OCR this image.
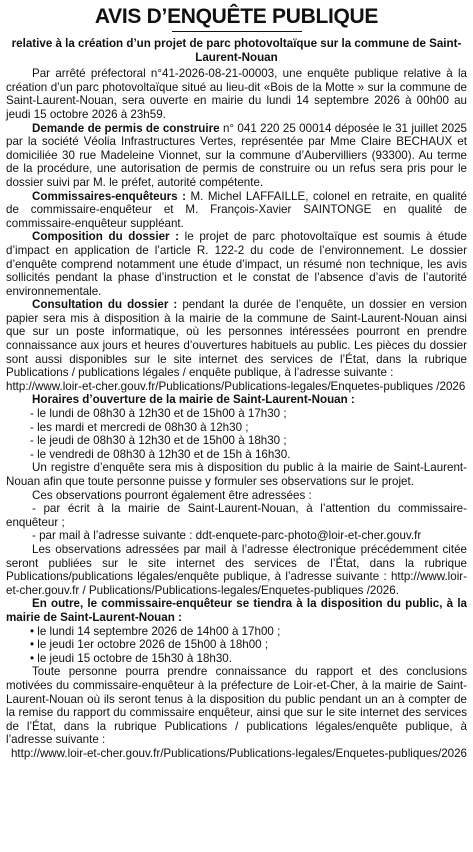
AVIS D’ENQUÊTE PUBLIQUE

relative à la création d’un projet de parc photovoltaïque sur la commune de Saint-Laurent-Nouan

Par arrêté préfectoral n°41-2026-08-21-00003, une enquête publique relative à la création d’un parc photovoltaïque situé au lieu-dit «Bois de la Motte » sur la commune de Saint-Laurent-Nouan, sera ouverte en mairie du lundi 14 septembre 2026 à 00h00 au jeudi 15 octobre 2026 à 23h59.

Demande de permis de construire n° 041 220 25 00014 déposée le 31 juillet 2025 par la société Véolia Infrastructures Vertes, représentée par Mme Claire BECHAUX et domiciliée 30 rue Madeleine Vionnet, sur la commune d’Aubervilliers (93300). Au terme de la procédure, une autorisation de permis de construire ou un refus sera pris pour le dossier suivi par M. le préfet, autorité compétente.

Commissaires-enquêteurs : M. Michel LAFFAILLE, colonel en retraite, en qualité de commissaire-enquêteur et M. François-Xavier SAINTONGE en qualité de commissaire-enquêteur suppléant.

Composition du dossier : le projet de parc photovoltaïque est soumis à étude d’impact en application de l’article R. 122-2 du code de l’environnement. Le dossier d’enquête comprend notamment une étude d’impact, un résumé non technique, les avis sollicités pendant la phase d’instruction et le constat de l’absence d’avis de l’autorité environnementale.

Consultation du dossier : pendant la durée de l’enquête, un dossier en version papier sera mis à disposition à la mairie de la commune de Saint-Laurent-Nouan ainsi que sur un poste informatique, où les personnes intéressées pourront en prendre connaissance aux jours et heures d’ouvertures habituels au public. Les pièces du dossier sont aussi disponibles sur le site internet des services de l’État, dans la rubrique Publications / publications légales / enquête publique, à l’adresse suivante :

http://www.loir-et-cher.gouv.fr/Publications/Publications-legales/Enquetes-publiques /2026

Horaires d’ouverture de la mairie de Saint-Laurent-Nouan :

- le lundi de 08h30 à 12h30 et de 15h00 à 17h30 ;

- les mardi et mercredi de 08h30 à 12h30 ;

- le jeudi de 08h30 à 12h30 et de 15h00 à 18h30 ;

- le vendredi de 08h30 à 12h30 et de 15h à 16h30.

Un registre d’enquête sera mis à disposition du public à la mairie de Saint-Laurent-Nouan afin que toute personne puisse y formuler ses observations sur le projet.

Ces observations pourront également être adressées :

- par écrit à la mairie de Saint-Laurent-Nouan, à l’attention du commissaire-enquêteur ;

- par mail à l’adresse suivante : ddt-enquete-parc-photo@loir-et-cher.gouv.fr

Les observations adressées par mail à l’adresse électronique précédemment citée seront publiées sur le site internet des services de l’État, dans la rubrique Publications/publications légales/enquête publique, à l’adresse suivante : http://www.loir-et-cher.gouv.fr / Publications/Publications-legales/Enquetes-publiques /2026.

En outre, le commissaire-enquêteur se tiendra à la disposition du public, à la mairie de Saint-Laurent-Nouan :

• le lundi 14 septembre 2026 de 14h00 à 17h00 ;

• le jeudi 1er octobre 2026 de 15h00 à 18h00 ;

• le jeudi 15 octobre de 15h30 à 18h30.

Toute personne pourra prendre connaissance du rapport et des conclusions motivées du commissaire-enquêteur à la préfecture de Loir-et-Cher, à la mairie de Saint-Laurent-Nouan où ils seront tenus à la disposition du public pendant un an à compter de la remise du rapport du commissaire enquêteur, ainsi que sur le site internet des services de l’État, dans la rubrique Publications / publications légales/enquête publique, à l’adresse suivante :

http://www.loir-et-cher.gouv.fr/Publications/Publications-legales/Enquetes-publiques/2026
